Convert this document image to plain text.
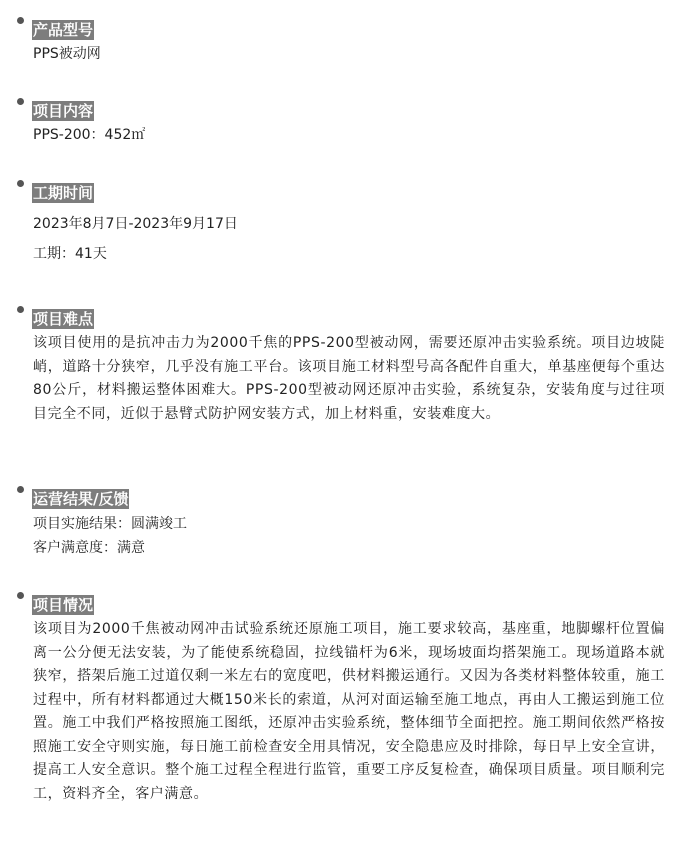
产品型号
PPS被动网
项目内容
PPS-200：452㎡
工期时间
2023年8月7日-2023年9月17日
工期：41天
项目难点
该项目使用的是抗冲击力为2000千焦的PPS-200型被动网，需要还原冲击实验系统。项目边坡陡峭，道路十分狭窄，几乎没有施工平台。该项目施工材料型号高各配件自重大，单基座便每个重达80公斤，材料搬运整体困难大。PPS-200型被动网还原冲击实验，系统复杂，安装角度与过往项目完全不同，近似于悬臂式防护网安装方式，加上材料重，安装难度大。
运营结果/反馈
项目实施结果：圆满竣工
客户满意度：满意
项目情况
该项目为2000千焦被动网冲击试验系统还原施工项目，施工要求较高，基座重，地脚螺杆位置偏离一公分便无法安装，为了能使系统稳固，拉线锚杆为6米，现场坡面均搭架施工。现场道路本就狭窄，搭架后施工过道仅剩一米左右的宽度吧，供材料搬运通行。又因为各类材料整体较重，施工过程中，所有材料都通过大概150米长的索道，从河对面运输至施工地点，再由人工搬运到施工位置。施工中我们严格按照施工图纸，还原冲击实验系统，整体细节全面把控。施工期间依然严格按照施工安全守则实施，每日施工前检查安全用具情况，安全隐患应及时排除，每日早上安全宣讲，提高工人安全意识。整个施工过程全程进行监管，重要工序反复检查，确保项目质量。项目顺利完工，资料齐全，客户满意。
